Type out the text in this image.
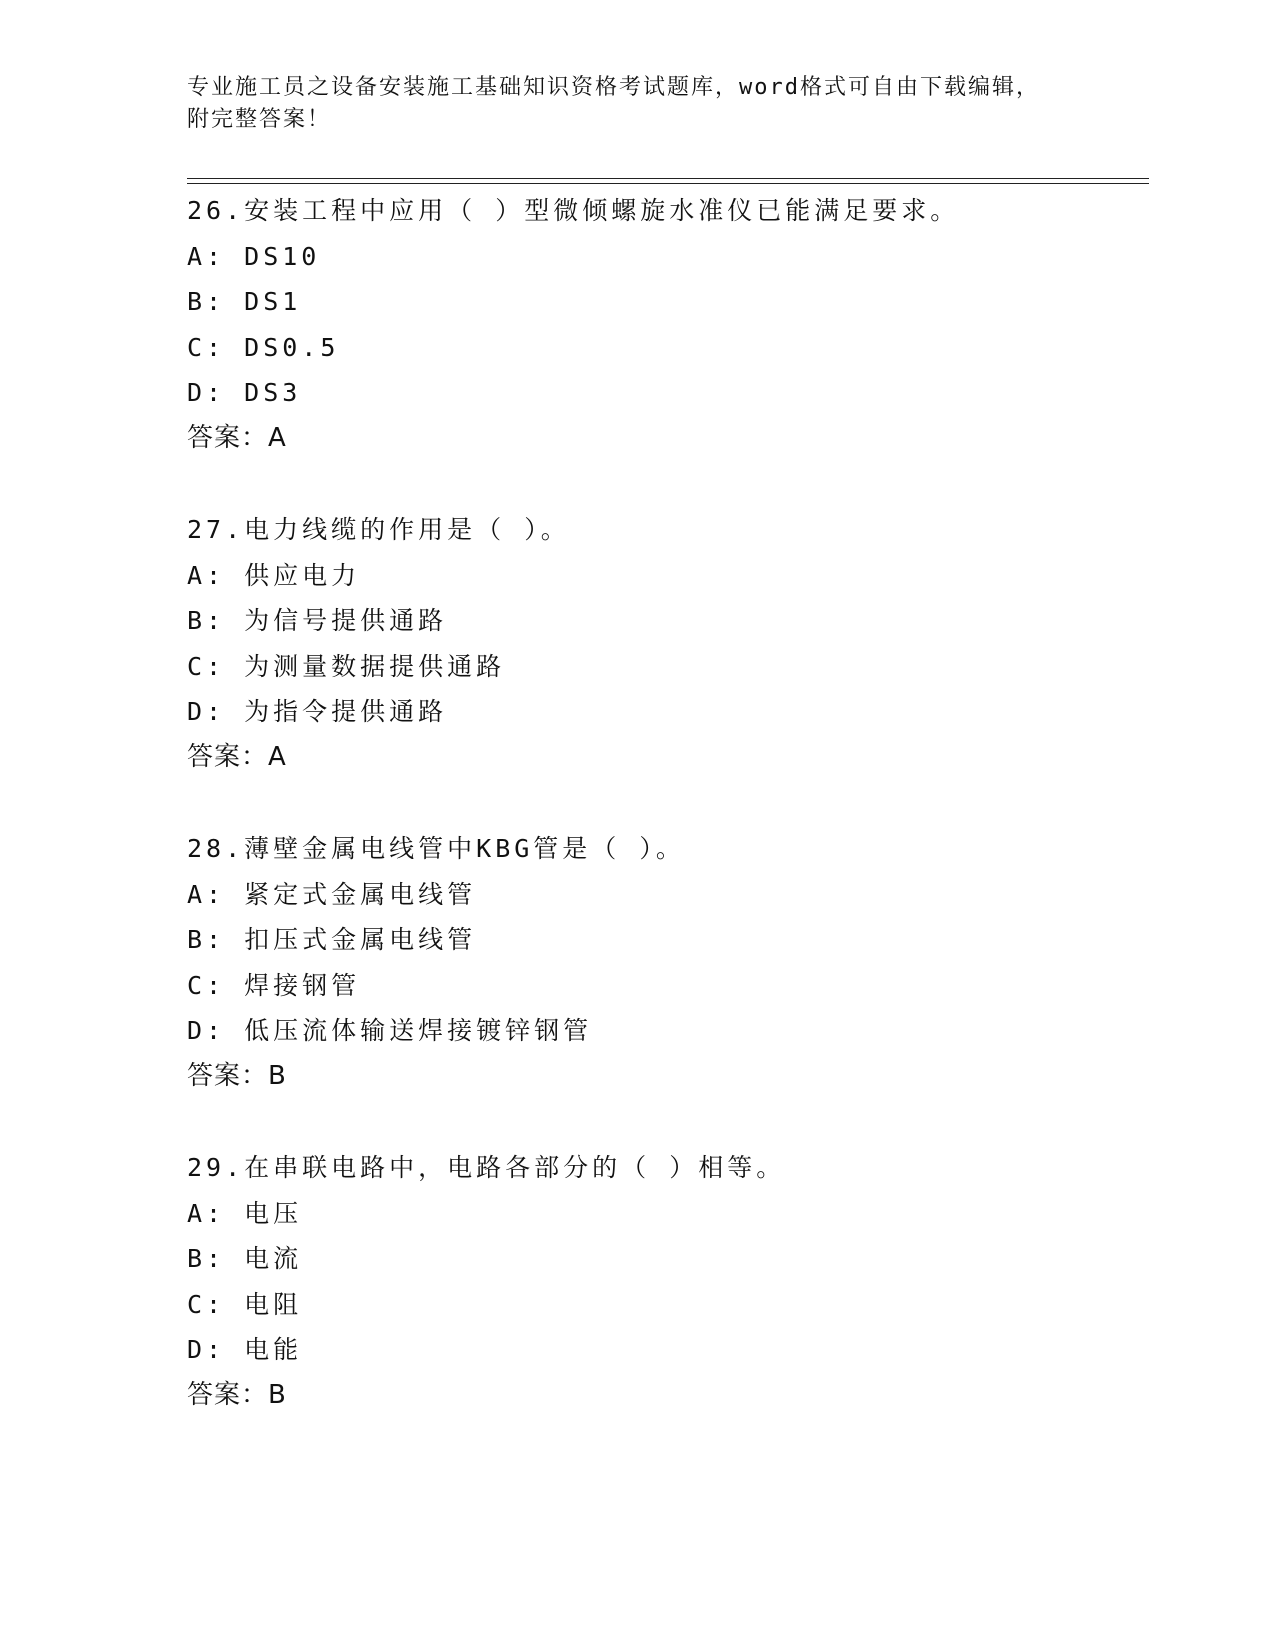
专业施工员之设备安装施工基础知识资格考试题库，word格式可自由下载编辑，
附完整答案！
26.安装工程中应用（ ）型微倾螺旋水准仪已能满足要求。
A: DS10
B: DS1
C: DS0.5
D: DS3
答案：A
27.电力线缆的作用是（ ）。
A: 供应电力
B: 为信号提供通路
C: 为测量数据提供通路
D: 为指令提供通路
答案：A
28.薄壁金属电线管中KBG管是（ ）。
A: 紧定式金属电线管
B: 扣压式金属电线管
C: 焊接钢管
D: 低压流体输送焊接镀锌钢管
答案：B
29.在串联电路中，电路各部分的（ ）相等。
A: 电压
B: 电流
C: 电阻
D: 电能
答案：B
